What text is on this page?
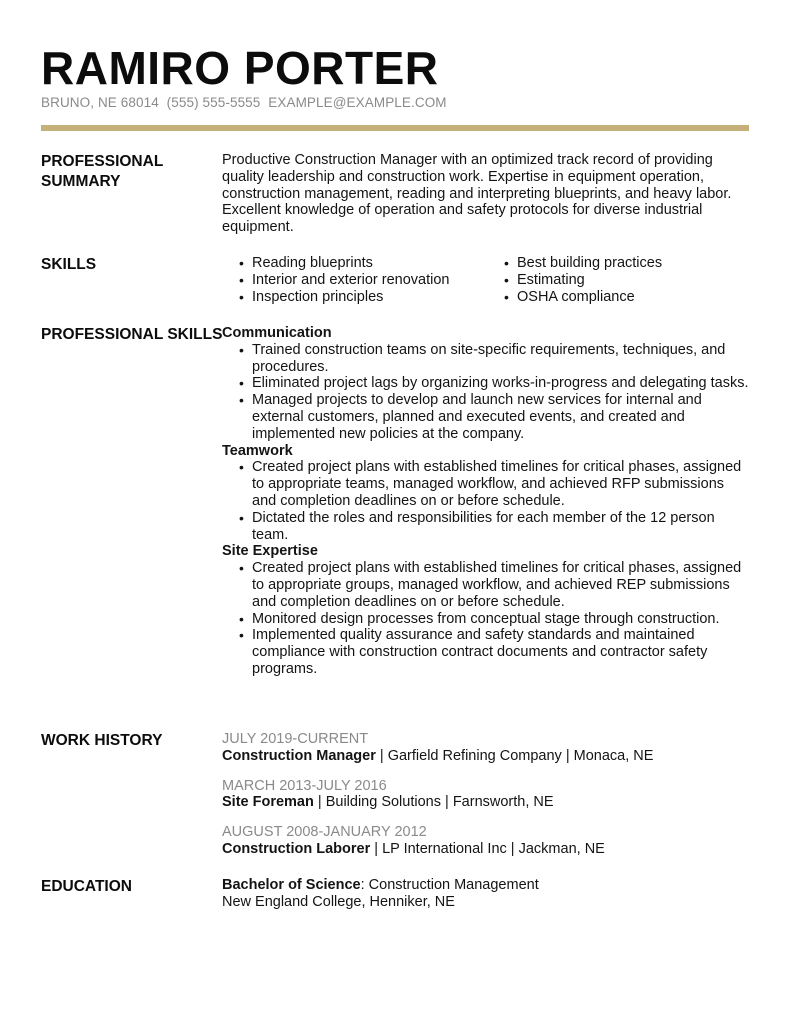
RAMIRO PORTER
BRUNO, NE 68014 (555) 555-5555 EXAMPLE@EXAMPLE.COM
PROFESSIONAL SUMMARY
Productive Construction Manager with an optimized track record of providing quality leadership and construction work. Expertise in equipment operation, construction management, reading and interpreting blueprints, and heavy labor. Excellent knowledge of operation and safety protocols for diverse industrial equipment.
SKILLS
•	Reading blueprints
• Interior and exterior renovation
• Inspection principles
• Best building practices
• Estimating
• OSHA compliance
PROFESSIONAL SKILLS Communication
• Trained construction teams on site-specific requirements, techniques, and procedures.
• Eliminated project lags by organizing works-in-progress and delegating tasks.
• Managed projects to develop and launch new services for internal and external customers, planned and executed events, and created and implemented new policies at the company.
Teamwork
• Created project plans with established timelines for critical phases, assigned to appropriate teams, managed workflow, and achieved RFP submissions and completion deadlines on or before schedule.
• Dictated the roles and responsibilities for each member of the 12 person team.
Site Expertise
• Created project plans with established timelines for critical phases, assigned to appropriate groups, managed workflow, and achieved REP submissions and completion deadlines on or before schedule.
• Monitored design processes from conceptual stage through construction.
• Implemented quality assurance and safety standards and maintained compliance with construction contract documents and contractor safety programs.
WORK HISTORY	JULY 2019-CURRENT
Construction Manager | Garfield Refining Company | Monaca, NE
MARCH 2013-JULY 2016
Site Foreman | Building Solutions | Farnsworth, NE
AUGUST 2008-JANUARY 2012
Construction Laborer | LP International Inc | Jackman, NE
EDUCATION	Bachelor of Science: Construction Management
New England College, Henniker, NE
